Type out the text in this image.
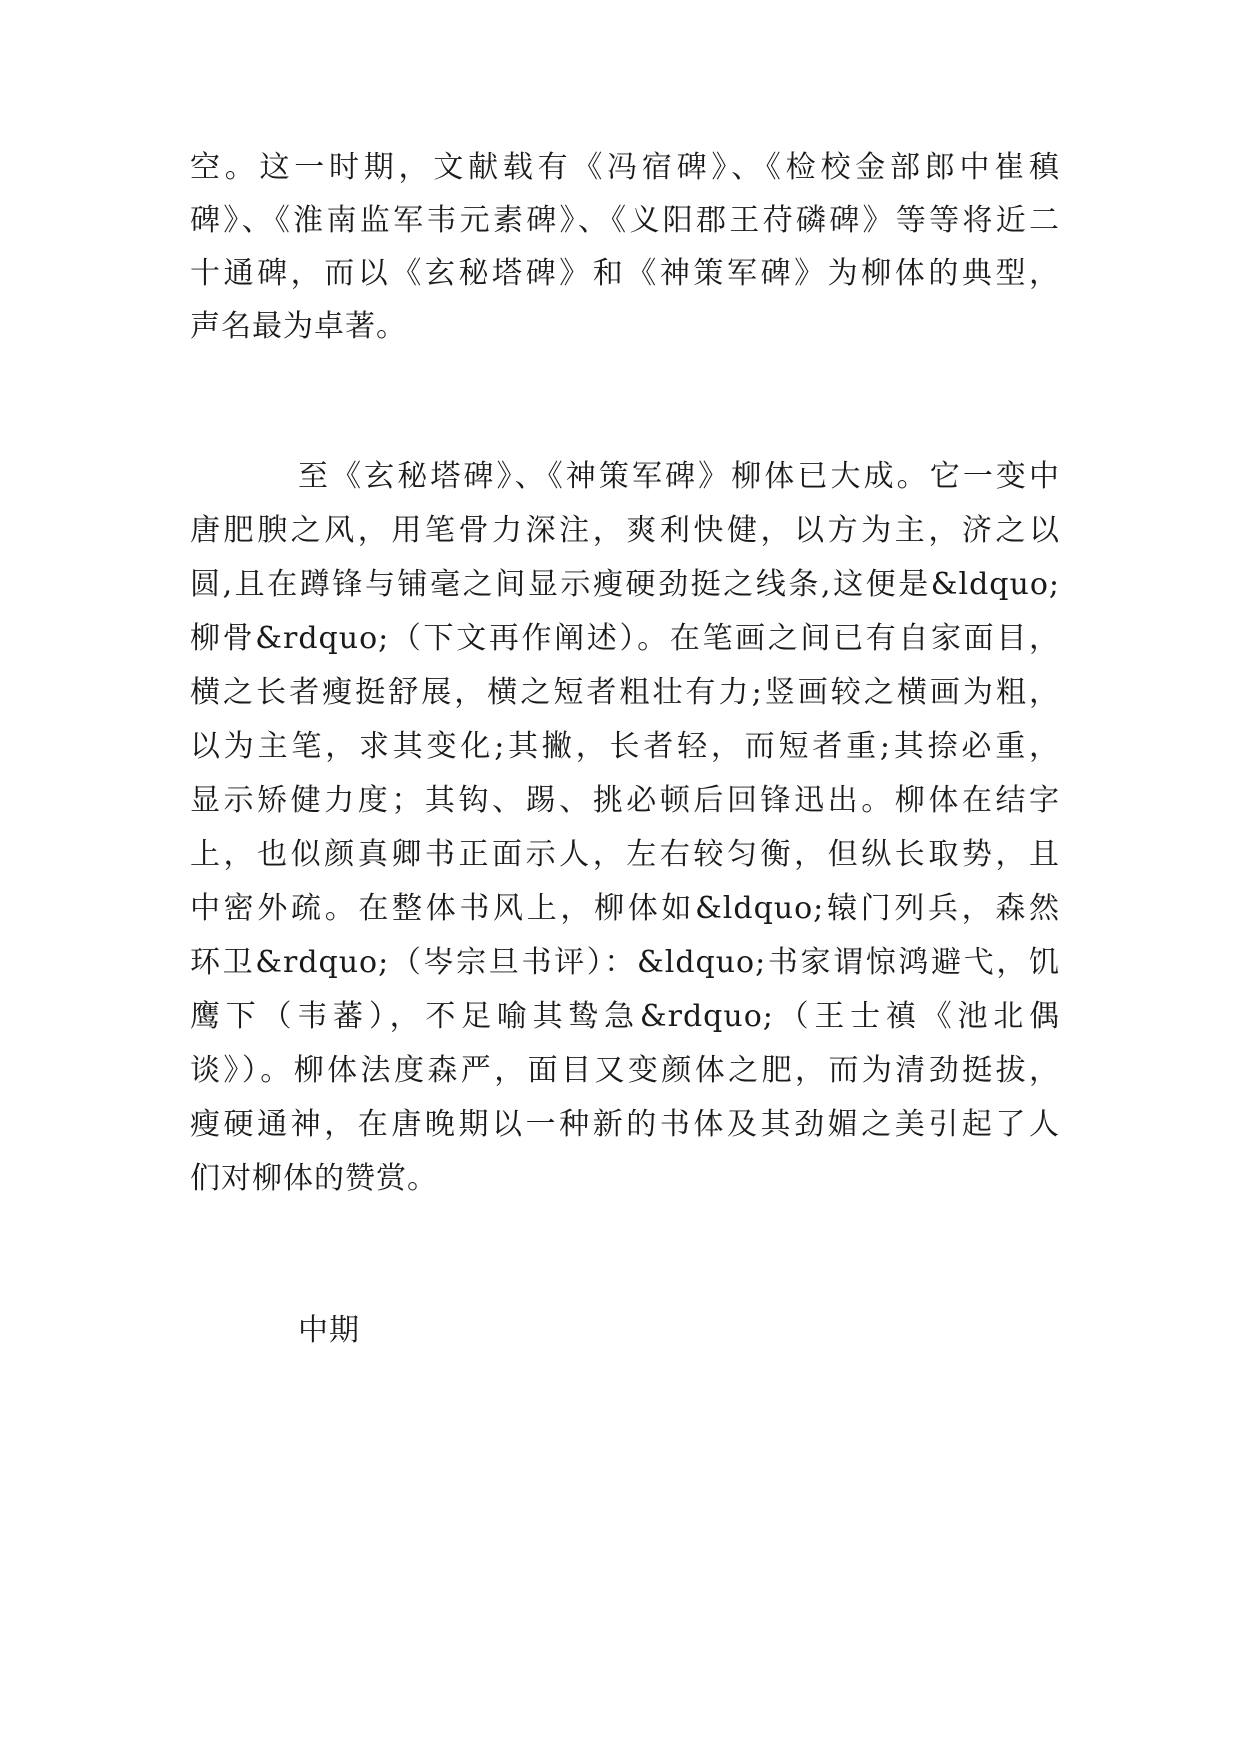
空。这一时期，文献载有《冯宿碑》、《检校金部郎中崔稹
碑》、《淮南监军韦元素碑》、《义阳郡王苻磷碑》等等将近二
十通碑，而以《玄秘塔碑》和《神策军碑》为柳体的典型，
声名最为卓著。
至《玄秘塔碑》、《神策军碑》柳体已大成。它一变中
唐肥腴之风，用笔骨力深注，爽利快健，以方为主，济之以
圆,且在蹲锋与铺毫之间显示瘦硬劲挺之线条,这便是&ldquo;
柳骨&rdquo;（下文再作阐述）。在笔画之间已有自家面目，
横之长者瘦挺舒展，横之短者粗壮有力;竖画较之横画为粗，
以为主笔，求其变化;其撇，长者轻，而短者重;其捺必重，
显示矫健力度；其钩、踢、挑必顿后回锋迅出。柳体在结字
上，也似颜真卿书正面示人，左右较匀衡，但纵长取势，且
中密外疏。在整体书风上，柳体如&ldquo;辕门列兵，森然
环卫&rdquo;（岑宗旦书评）：&ldquo;书家谓惊鸿避弋，饥
鹰下（韦蕃），不足喻其鸷急&rdquo;（王士禛《池北偶
谈》）。柳体法度森严，面目又变颜体之肥，而为清劲挺拔，
瘦硬通神，在唐晚期以一种新的书体及其劲媚之美引起了人
们对柳体的赞赏。
中期
